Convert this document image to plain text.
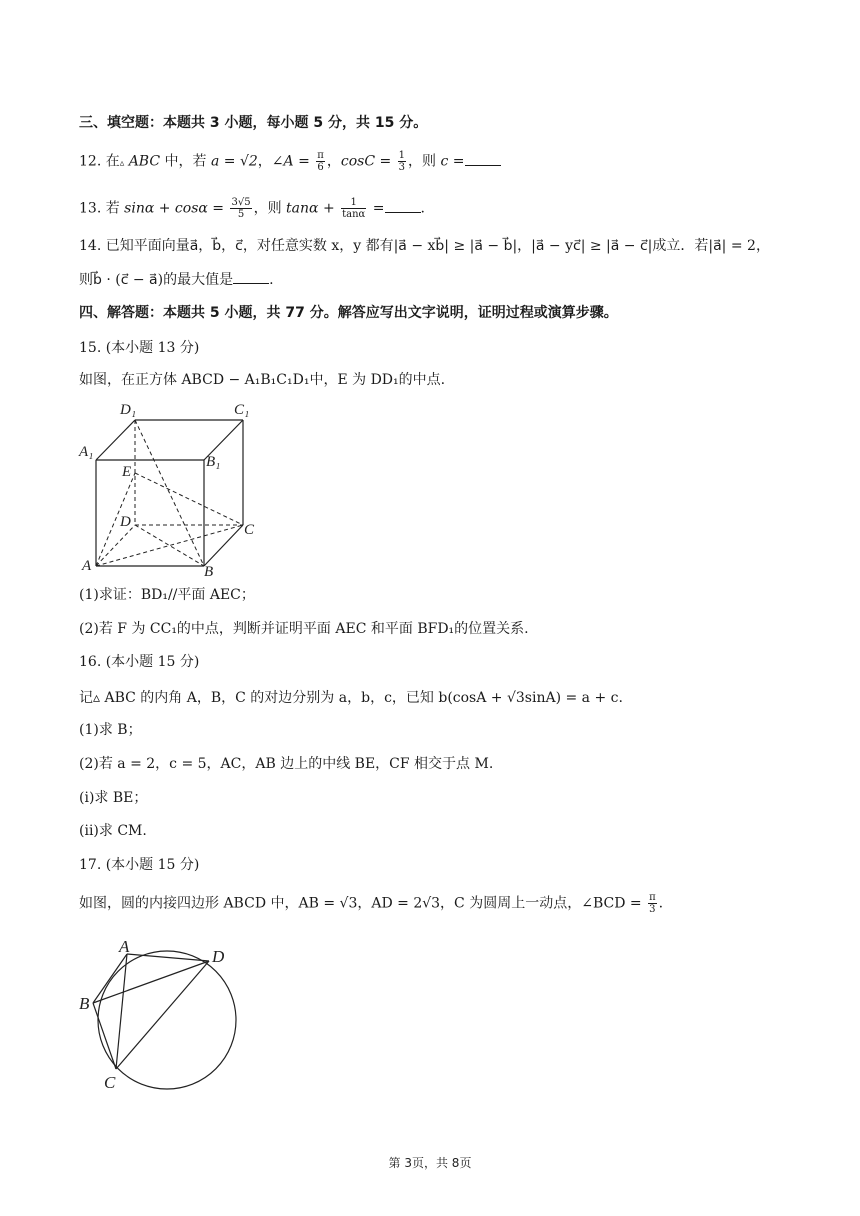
三、填空题：本题共 3 小题，每小题 5 分，共 15 分。
12. 在▵ ABC 中，若 a = √2，∠A = $\frac{\pi}{6}$ ，$\cos C = \frac{1}{3}$ ，则 c =
13. 若 $\sin\alpha + \cos\alpha = \frac{3√5}{5}$ ，则 $\tan\alpha + \frac{1}{\tan\alpha}$ =	.
14. 已知平面向量a⃗，b⃗，c⃗，对任意实数 x，y 都有|a⃗ − xb⃗| ≥ |a⃗ − b⃗|，|a⃗ − yc⃗| ≥ |a⃗ − c⃗|成立．若|a⃗| = 2，
则b⃗ · (c⃗ − a⃗)的最大值是	.
四、解答题：本题共 5 小题，共 77 分。解答应写出文字说明，证明过程或演算步骤。
15. (本小题 13 分)
如图，在正方体 ABCD − A₁B₁C₁D₁中，E 为 DD₁的中点.
D₁	C₁
A₁
B₁
E
D	C
A	B
(1)求证：BD₁//平面 AEC；
(2)若 F 为 CC₁的中点，判断并证明平面 AEC 和平面 BFD₁的位置关系.
16. (本小题 15 分)
记▵ ABC 的内角 A，B，C 的对边分别为 a，b，c，已知 b(cosA + √3sinA) = a + c.
(1)求 B；
(2)若 a = 2，c = 5，AC，AB 边上的中线 BE，CF 相交于点 M.
(ⅰ)求 BE；
(ⅱ)求 CM.
17. (本小题 15 分)
如图，圆的内接四边形 ABCD 中，AB = √3，AD = 2√3，C 为圆周上一动点，∠BCD = $\frac{\pi}{3}$ .
A
D
B
C
第 3页，共 8页
